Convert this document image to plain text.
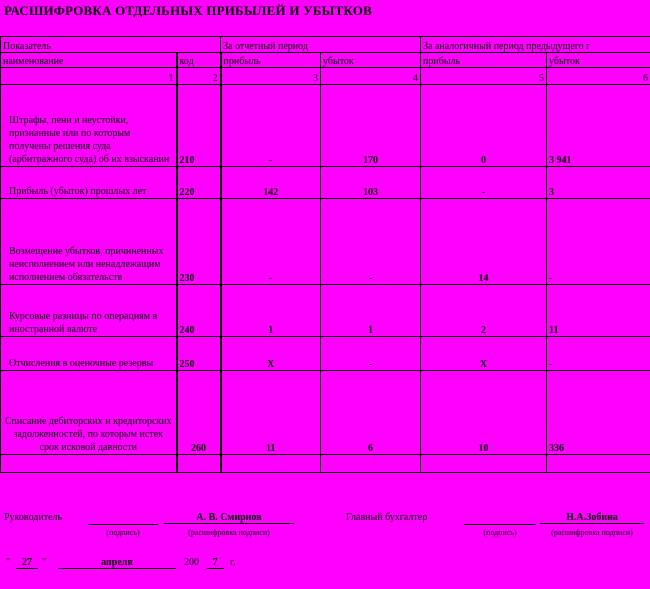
РАСШИФРОВКА ОТДЕЛЬНЫХ ПРИБЫЛЕЙ И УБЫТКОВ
Показатель		За отчетный период		За аналогичный период предыдущего г	
наименование	код	прибыль	убыток	прибыль	убыток
1	2	3	4	5	6
Штрафы, пени и неустойки, признанные или по которым получены решения суда (арбитражного суда) об их взыскании	210	-	170	0	3 941
Прибыль (убыток) прошлых лет	220	142	103	-	3
Возмещение убытков, причиненных неисполнением или ненадлежащим исполнением обязательств	230	-	-	14	-
Курсовые разницы по операциям в иностранной валюте	240	1	1	2	11
Отчисления в оценочные резервы	250	X	-	X	-
Списание дебиторских и кредиторских задолженностей, по которым истек срок исковой давности	260	11	6	10	336

Руководитель	А. В. Смирнов
(подпись)	(расшифровка подписи)
Главный бухгалтер	Н.А.Зобина
(подпись)	(расшифровка подписи)
"	27	"	апреля	200	7	г.
